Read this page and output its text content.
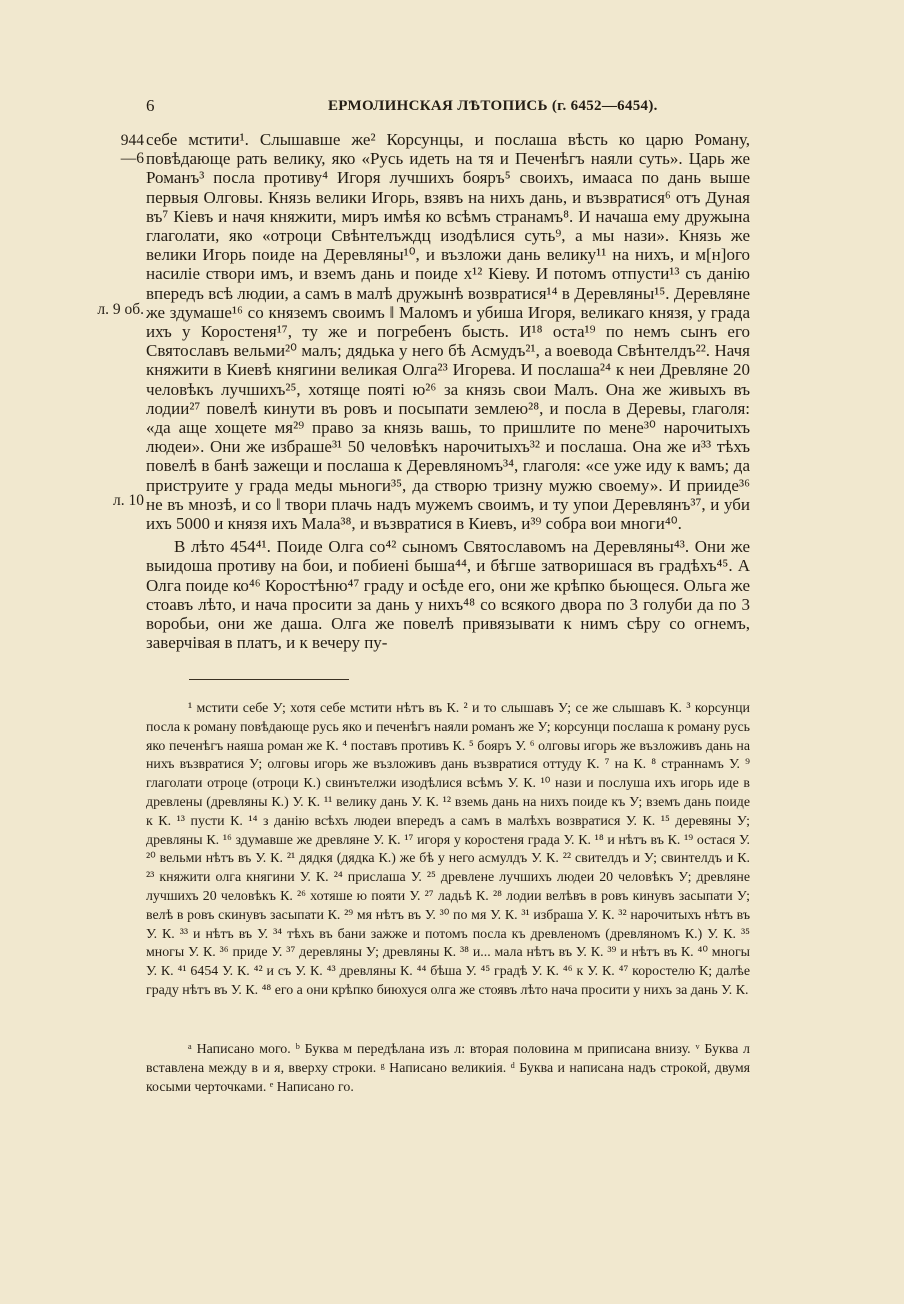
6	ЕРМОЛИНСКАЯ ЛѢТОПИСЬ (г. 6452—6454).
944
—6
л. 9 об.
л. 10

себе мстити¹. Слышавше же² Корсунцы, и послаша вѣсть ко царю Роману, повѣдающе рать велику, яко «Русь идеть на тя и Печенѣгъ наяли суть». Царь же Романъ³ посла противу⁴ Игоря лучшихъ бояръ⁵ своихъ, имааса по дань выше первыя Олговы. Князь велики Игорь, взявъ на нихъ дань, и възвратися⁶ отъ Дуная въ⁷ Кіевъ и начя княжити, миръ имѣя ко всѣмъ странамъ⁸. И начаша ему дружына глаголати, яко «отроци Свѣнтелъждц изодѣлися суть⁹, а мы нази». Князь же велики Игорь поиде на Деревляны¹⁰, и възложи дань велику¹¹ на нихъ, и м[н]ого насиліе створи имъ, и вземъ дань и поиде х¹² Кіеву. И потомъ отпусти¹³ съ данію впередъ всѣ людии, а самъ в малѣ дружынѣ возвратися¹⁴ в Деревляны¹⁵. Деревляне же здумаше¹⁶ со княземъ своимъ ‖ Маломъ и убиша Игоря, великаго князя, у града ихъ у Коростеня¹⁷, ту же и погребенъ бысть. И¹⁸ оста¹⁹ по немъ сынъ его Святославъ вельми²⁰ малъ; дядька у него бѣ Асмудъ²¹, а воевода Свѣнтелдъ²². Начя княжити в Киевѣ княгини великая Олга²³ Игорева. И послаша²⁴ к неи Древляне 20 человѣкъ лучшихъ²⁵, хотяще пояті ю²⁶ за князь свои Малъ. Она же живыхъ въ лодии²⁷ повелѣ кинути въ ровъ и посыпати землею²⁸, и посла в Деревы, глаголя: «да аще хощете мя²⁹ право за князь вашь, то пришлите по мене³⁰ нарочитыхъ людеи». Они же избраше³¹ 50 человѣкъ нарочитыхъ³² и послаша. Она же и³³ тѣхъ повелѣ в банѣ зажещи и послаша к Деревляномъ³⁴, глаголя: «се уже иду к вамъ; да приструите у града меды мьноги³⁵, да створю тризну мужю своему». И прииде³⁶ не въ мнозѣ, и со ‖ твори плачь надъ мужемъ своимъ, и ту упои Деревлянъ³⁷, и уби ихъ 5000 и князя ихъ Мала³⁸, и възвратися в Киевъ, и³⁹ собра вои многи⁴⁰.

В лѣто 454⁴¹. Поиде Олга со⁴² сыномъ Святославомъ на Деревляны⁴³. Они же выидоша противу на бои, и побиені быша⁴⁴, и бѣгше затворишася въ градѣхъ⁴⁵. А Олга поиде ко⁴⁶ Коростѣню⁴⁷ граду и осѣде его, они же крѣпко бьющеся. Ольга же стоавъ лѣто, и нача просити за дань у нихъ⁴⁸ со всякого двора по 3 голуби да по 3 воробьи, они же даша. Олга же повелѣ привязывати к нимъ сѣру со огнемъ, заверчівая в платъ, и к вечеру пу-

¹ мстити себе У; хотя себе мстити нѣтъ въ К. ² и то слышавъ У; се же слышавъ К. ³ корсунци посла к роману повѣдающе русь яко и печенѣгъ наяли романъ же У; корсунци послаша к роману русь яко печенѣгъ наяша роман же К. ⁴ поставъ противъ К. ⁵ бояръ У. ⁶ олговы игорь же възложивъ дань на нихъ възвратися У; олговы игорь же възложивъ дань възвратися оттуду К. ⁷ на К. ⁸ страннамъ У. ⁹ глаголати отроце (отроци К.) свинътелжи изодѣлися всѣмъ У. К. ¹⁰ нази и послуша ихъ игорь иде в древлены (древляны К.) У. К. ¹¹ велику дань У. К. ¹² вземь дань на нихъ поиде къ У; вземъ дань поиде к К. ¹³ пусти К. ¹⁴ з данію всѣхъ людеи впередъ а самъ в малѣхъ возвратися У. К. ¹⁵ деревяны У; древляны К. ¹⁶ здумавше же древляне У. К. ¹⁷ игоря у коростеня града У. К. ¹⁸ и нѣтъ въ К. ¹⁹ остася У. ²⁰ вельми нѣтъ въ У. К. ²¹ дядкя (дядка К.) же бѣ у него асмулдъ У. К. ²² свителдъ и У; свинтелдъ и К. ²³ княжити олга княгини У. К. ²⁴ прислаша У. ²⁵ древлене лучшихъ людеи 20 человѣкъ У; древляне лучшихъ 20 человѣкъ К. ²⁶ хотяше ю пояти У. ²⁷ ладьѣ К. ²⁸ лодии велѣвъ в ровъ кинувъ засыпати У; велѣ в ровъ скинувъ засыпати К. ²⁹ мя нѣтъ въ У. ³⁰ по мя У. К. ³¹ избраша У. К. ³² нарочитыхъ нѣтъ въ У. К. ³³ и нѣтъ въ У. ³⁴ тѣхъ въ бани зажже и потомъ посла къ древленомъ (древляномъ К.) У. К. ³⁵ многы У. К. ³⁶ приде У. ³⁷ деревляны У; древляны К. ³⁸ и... мала нѣтъ въ У. К. ³⁹ и нѣтъ въ К. ⁴⁰ многы У. К. ⁴¹ 6454 У. К. ⁴² и съ У. К. ⁴³ древляны К. ⁴⁴ бѣша У. ⁴⁵ градѣ У. К. ⁴⁶ к У. К. ⁴⁷ коростелю К; далѣе граду нѣтъ въ У. К. ⁴⁸ его а они крѣпко биюхуся олга же стоявъ лѣто нача просити у нихъ за дань У. К.
ᵃ Написано мого. ᵇ Буква м передѣлана изъ л: вторая половина м приписана внизу. ᵛ Буква л вставлена между в и я, вверху строки. ᵍ Написано великиія. ᵈ Буква и написана надъ строкой, двумя косыми черточками. ᵉ Написано го.
